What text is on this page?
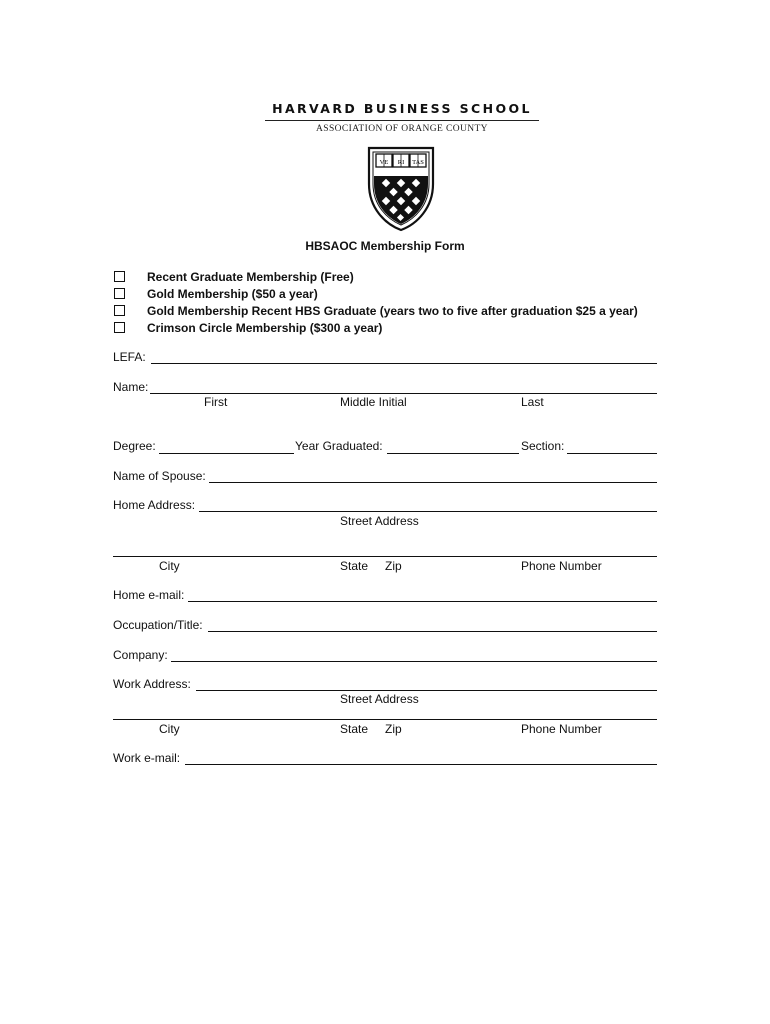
HARVARD BUSINESS SCHOOL
ASSOCIATION OF ORANGE COUNTY
VE RI TAS
HBSAOC Membership Form
Recent Graduate Membership (Free)
Gold Membership ($50 a year)
Gold Membership Recent HBS Graduate (years two to five after graduation $25 a year)
Crimson Circle Membership ($300 a year)
LEFA:
Name:
First	Middle Initial	Last
Degree:	Year Graduated:	Section:
Name of Spouse:
Home Address:
Street Address
City	State Zip	Phone Number
Home e-mail:
Occupation/Title:
Company:
Work Address:
Street Address
City	State Zip	Phone Number
Work e-mail:
